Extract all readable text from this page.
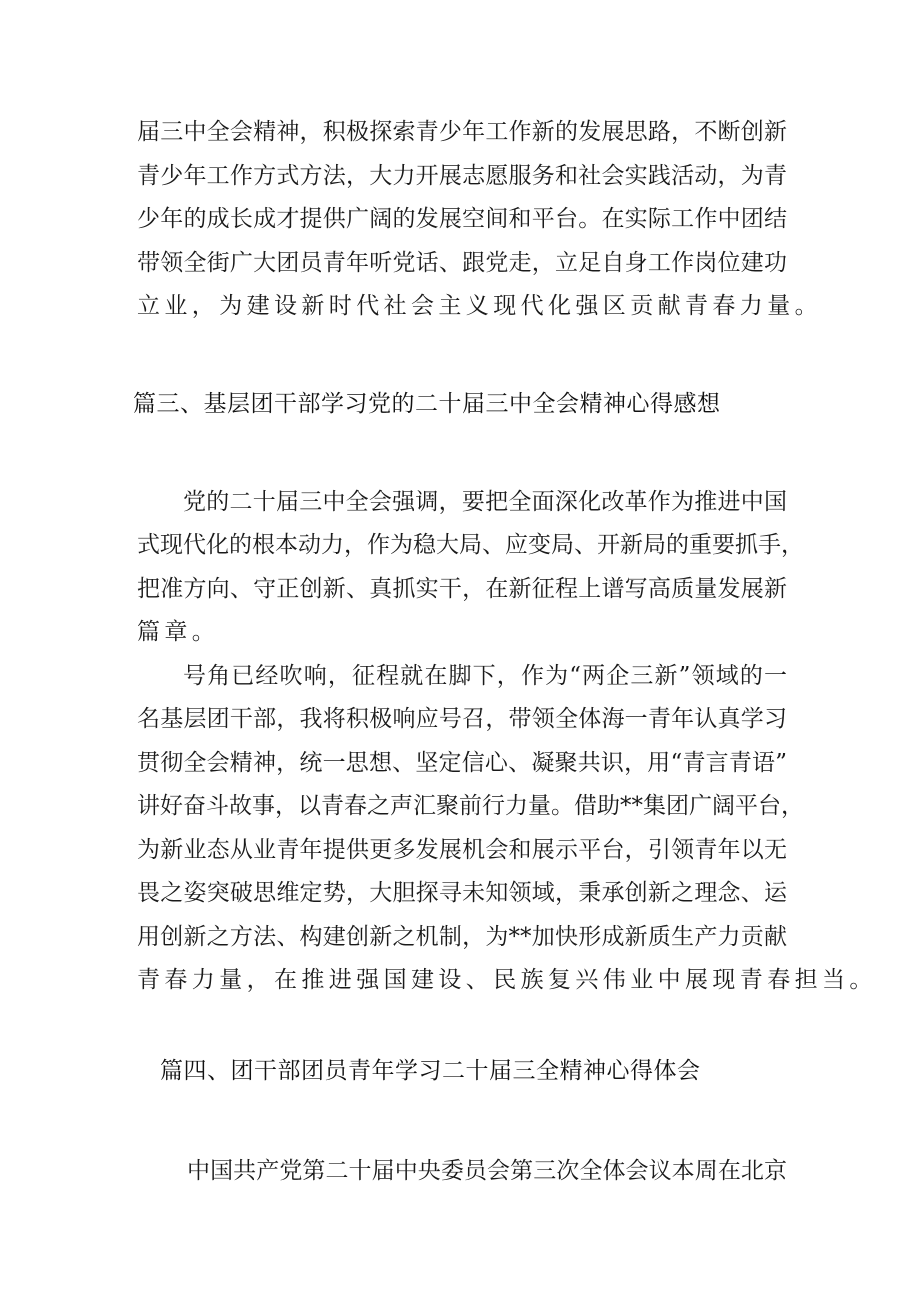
届三中全会精神，积极探索青少年工作新的发展思路，不断创新
青少年工作方式方法，大力开展志愿服务和社会实践活动，为青
少年的成长成才提供广阔的发展空间和平台。在实际工作中团结
带领全街广大团员青年听党话、跟党走，立足自身工作岗位建功
立业，为建设新时代社会主义现代化强区贡献青春力量。
篇三、基层团干部学习党的二十届三中全会精神心得感想
党的二十届三中全会强调，要把全面深化改革作为推进中国
式现代化的根本动力，作为稳大局、应变局、开新局的重要抓手，
把准方向、守正创新、真抓实干，在新征程上谱写高质量发展新
篇章。
号角已经吹响，征程就在脚下，作为“两企三新”领域的一
名基层团干部，我将积极响应号召，带领全体海一青年认真学习
贯彻全会精神，统一思想、坚定信心、凝聚共识，用“青言青语”
讲好奋斗故事，以青春之声汇聚前行力量。借助**集团广阔平台，
为新业态从业青年提供更多发展机会和展示平台，引领青年以无
畏之姿突破思维定势，大胆探寻未知领域，秉承创新之理念、运
用创新之方法、构建创新之机制，为**加快形成新质生产力贡献
青春力量，在推进强国建设、民族复兴伟业中展现青春担当。
篇四、团干部团员青年学习二十届三全精神心得体会
中国共产党第二十届中央委员会第三次全体会议本周在北京
